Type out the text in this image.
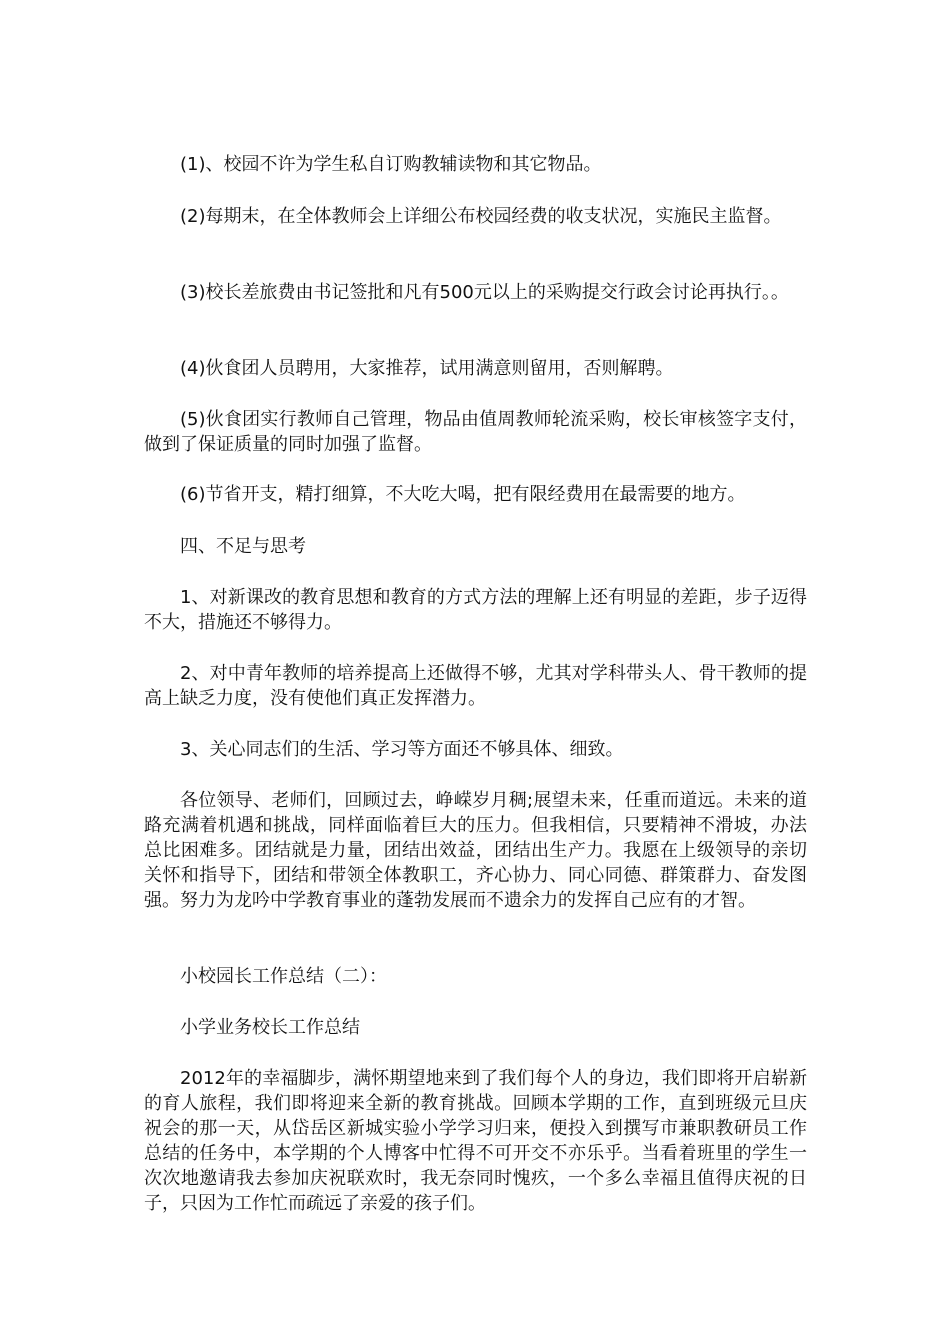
(1)、校园不许为学生私自订购教辅读物和其它物品。

(2)每期末，在全体教师会上详细公布校园经费的收支状况，实施民主监督。

(3)校长差旅费由书记签批和凡有500元以上的采购提交行政会讨论再执行。。

(4)伙食团人员聘用，大家推荐，试用满意则留用，否则解聘。

(5)伙食团实行教师自己管理，物品由值周教师轮流采购，校长审核签字支付，做到了保证质量的同时加强了监督。

(6)节省开支，精打细算，不大吃大喝，把有限经费用在最需要的地方。

四、不足与思考

1、对新课改的教育思想和教育的方式方法的理解上还有明显的差距，步子迈得不大，措施还不够得力。

2、对中青年教师的培养提高上还做得不够，尤其对学科带头人、骨干教师的提高上缺乏力度，没有使他们真正发挥潜力。

3、关心同志们的生活、学习等方面还不够具体、细致。

各位领导、老师们，回顾过去，峥嵘岁月稠;展望未来，任重而道远。未来的道路充满着机遇和挑战，同样面临着巨大的压力。但我相信，只要精神不滑坡，办法总比困难多。团结就是力量，团结出效益，团结出生产力。我愿在上级领导的亲切关怀和指导下，团结和带领全体教职工，齐心协力、同心同德、群策群力、奋发图强。努力为龙吟中学教育事业的蓬勃发展而不遗余力的发挥自己应有的才智。

小校园长工作总结（二）：

小学业务校长工作总结

2012年的幸福脚步，满怀期望地来到了我们每个人的身边，我们即将开启崭新的育人旅程，我们即将迎来全新的教育挑战。回顾本学期的工作，直到班级元旦庆祝会的那一天，从岱岳区新城实验小学学习归来，便投入到撰写市兼职教研员工作总结的任务中，本学期的个人博客中忙得不可开交不亦乐乎。当看着班里的学生一次次地邀请我去参加庆祝联欢时，我无奈同时愧疚，一个多么幸福且值得庆祝的日子，只因为工作忙而疏远了亲爱的孩子们。
